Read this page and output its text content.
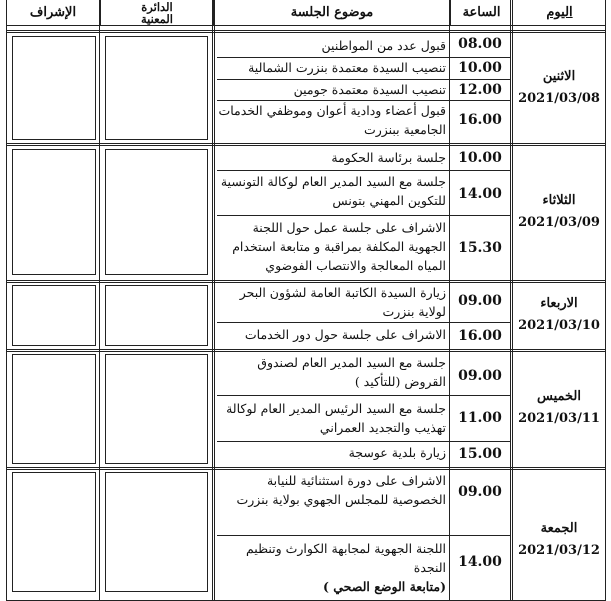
اليوم
الساعة
موضوع الجلسة
الدائرة
المعنية
الإشراف
الاثنين
2021/03/08
08.00
قبول عدد من المواطنين
10.00
تنصيب السيدة معتمدة بنزرت الشمالية
12.00
تنصيب السيدة معتمدة جومين
16.00
قبول أعضاء ودادية أعوان وموظفي الخدمات الجامعية ببنزرت
الثلاثاء
2021/03/09
10.00
جلسة برئاسة الحكومة
14.00
جلسة مع السيد المدير العام لوكالة التونسية للتكوين المهني بتونس
15.30
الاشراف على جلسة عمل حول اللجنة الجهوية المكلفة بمراقبة و متابعة استخدام المياه المعالجة والانتصاب الفوضوي
الاربعاء
2021/03/10
09.00
زيارة السيدة الكاتبة العامة لشؤون البحر لولاية بنزرت
16.00
الاشراف على جلسة حول دور الخدمات
الخميس
2021/03/11
09.00
جلسة مع السيد المدير العام لصندوق القروض (للتأكيد )
11.00
جلسة مع السيد الرئيس المدير العام لوكالة تهذيب والتجديد العمراني
15.00
زيارة بلدية عوسجة
الجمعة
2021/03/12
09.00
الاشراف على دورة استثنائية للنيابة الخصوصية للمجلس الجهوي بولاية بنزرت
14.00
اللجنة الجهوية لمجابهة الكوارث وتنظيم النجدة
(متابعة الوضع الصحي )
